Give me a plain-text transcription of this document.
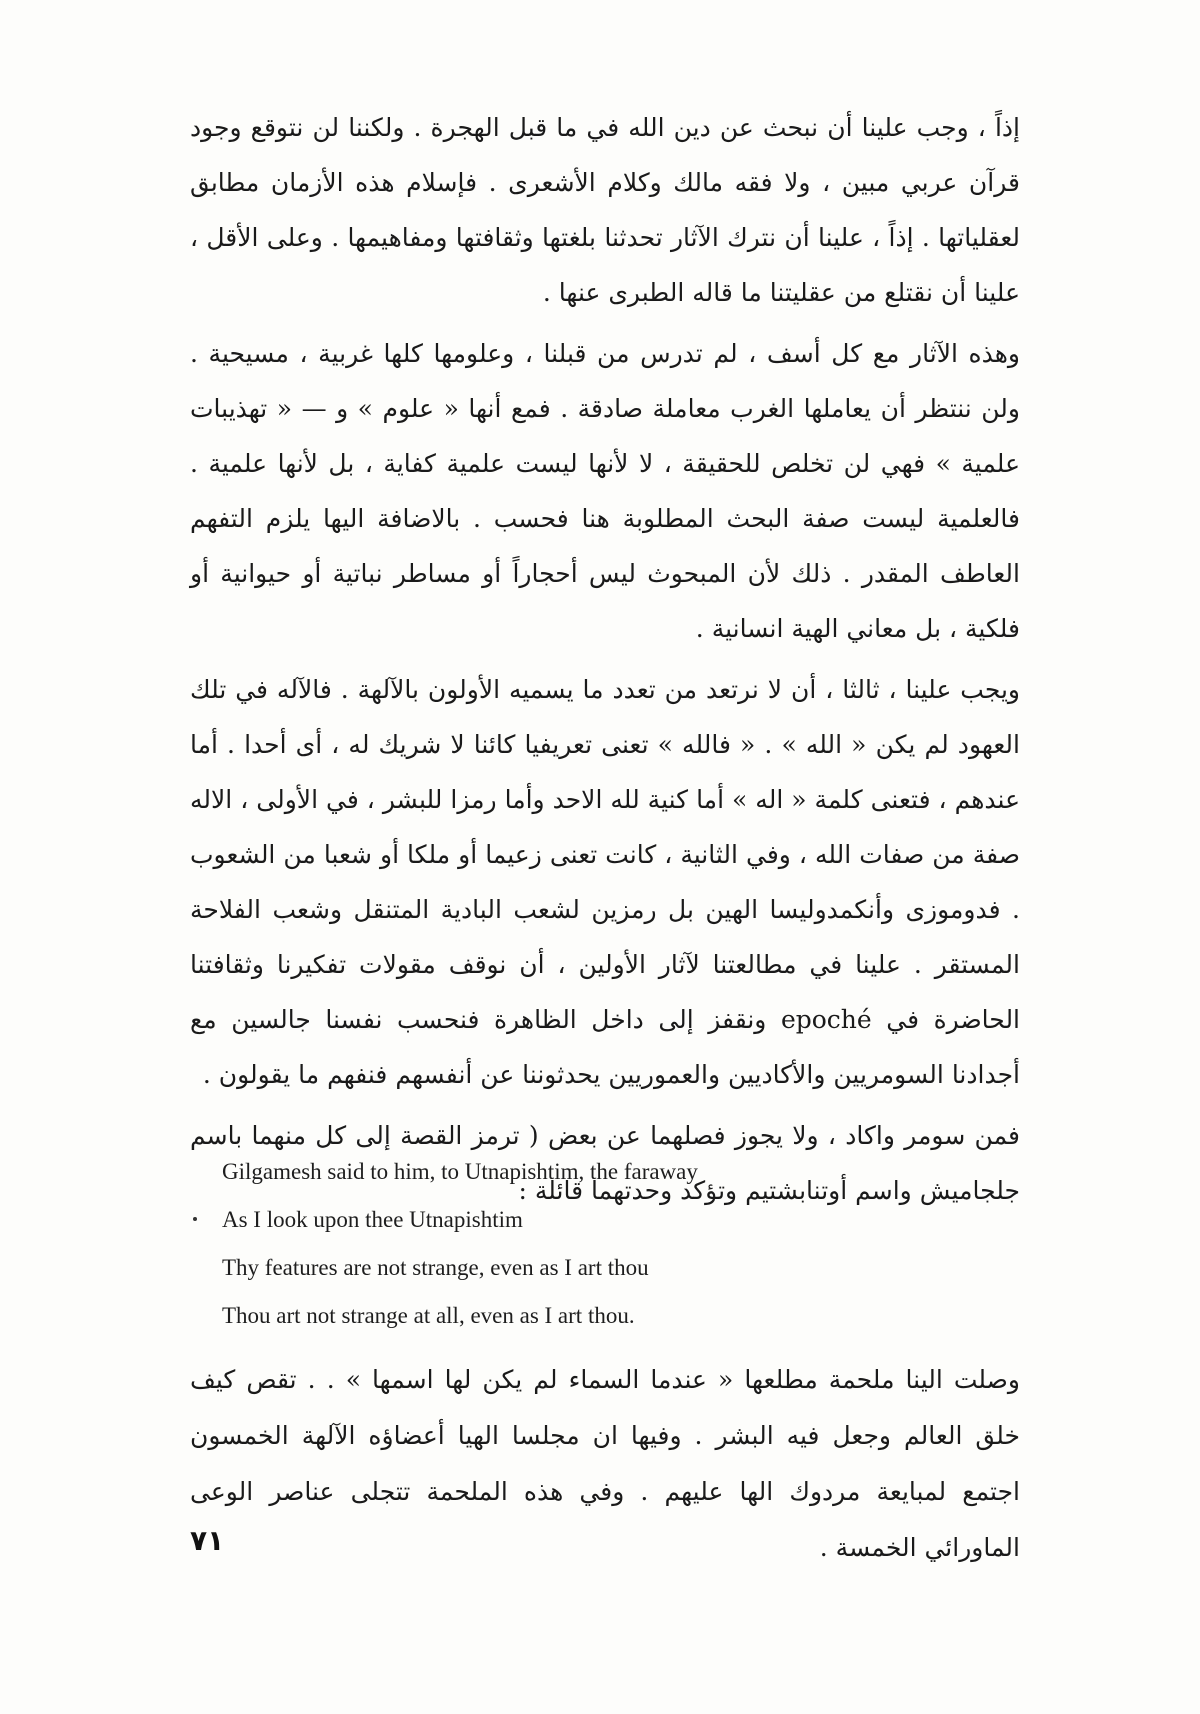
إذاً ، وجب علينا أن نبحث عن دين الله في ما قبل الهجرة . ولكننا لن نتوقع وجود قرآن عربي مبين ، ولا فقه مالك وكلام الأشعرى . فإسلام هذه الأزمان مطابق لعقلياتها . إذاً ، علينا أن نترك الآثار تحدثنا بلغتها وثقافتها ومفاهيمها . وعلى الأقل ، علينا أن نقتلع من عقليتنا ما قاله الطبرى عنها .

وهذه الآثار مع كل أسف ، لم تدرس من قبلنا ، وعلومها كلها غربية ، مسيحية . ولن ننتظر أن يعاملها الغرب معاملة صادقة . فمع أنها « علوم » و — « تهذيبات علمية » فهي لن تخلص للحقيقة ، لا لأنها ليست علمية كفاية ، بل لأنها علمية . فالعلمية ليست صفة البحث المطلوبة هنا فحسب . بالاضافة اليها يلزم التفهم العاطف المقدر . ذلك لأن المبحوث ليس أحجاراً أو مساطر نباتية أو حيوانية أو فلكية ، بل معاني الهية انسانية .

ويجب علينا ، ثالثا ، أن لا نرتعد من تعدد ما يسميه الأولون بالآلهة . فالآله في تلك العهود لم يكن « الله » . « فالله » تعنى تعريفيا كائنا لا شريك له ، أى أحدا . أما عندهم ، فتعنى كلمة « اله » أما كنية لله الاحد وأما رمزا للبشر ، في الأولى ، الاله صفة من صفات الله ، وفي الثانية ، كانت تعنى زعيما أو ملكا أو شعبا من الشعوب . فدوموزى وأنكمدوليسا الهين بل رمزين لشعب البادية المتنقل وشعب الفلاحة المستقر . علينا في مطالعتنا لآثار الأولين ، أن نوقف مقولات تفكيرنا وثقافتنا الحاضرة في epoché ونقفز إلى داخل الظاهرة فنحسب نفسنا جالسين مع أجدادنا السومريين والأكاديين والعموريين يحدثوننا عن أنفسهم فنفهم ما يقولون .

فمن سومر واكاد ، ولا يجوز فصلهما عن بعض ( ترمز القصة إلى كل منهما باسم جلجاميش واسم أوتنابشتيم وتؤكد وحدتهما قائلة :

Gilgamesh said to him, to Utnapishtim, the faraway
As I look upon thee Utnapishtim
Thy features are not strange, even as I art thou
Thou art not strange at all, even as I art thou.

وصلت الينا ملحمة مطلعها « عندما السماء لم يكن لها اسمها » . . تقص كيف خلق العالم وجعل فيه البشر . وفيها ان مجلسا الهيا أعضاؤه الآلهة الخمسون اجتمع لمبايعة مردوك الها عليهم . وفي هذه الملحمة تتجلى عناصر الوعى الماورائي الخمسة .

٧١
